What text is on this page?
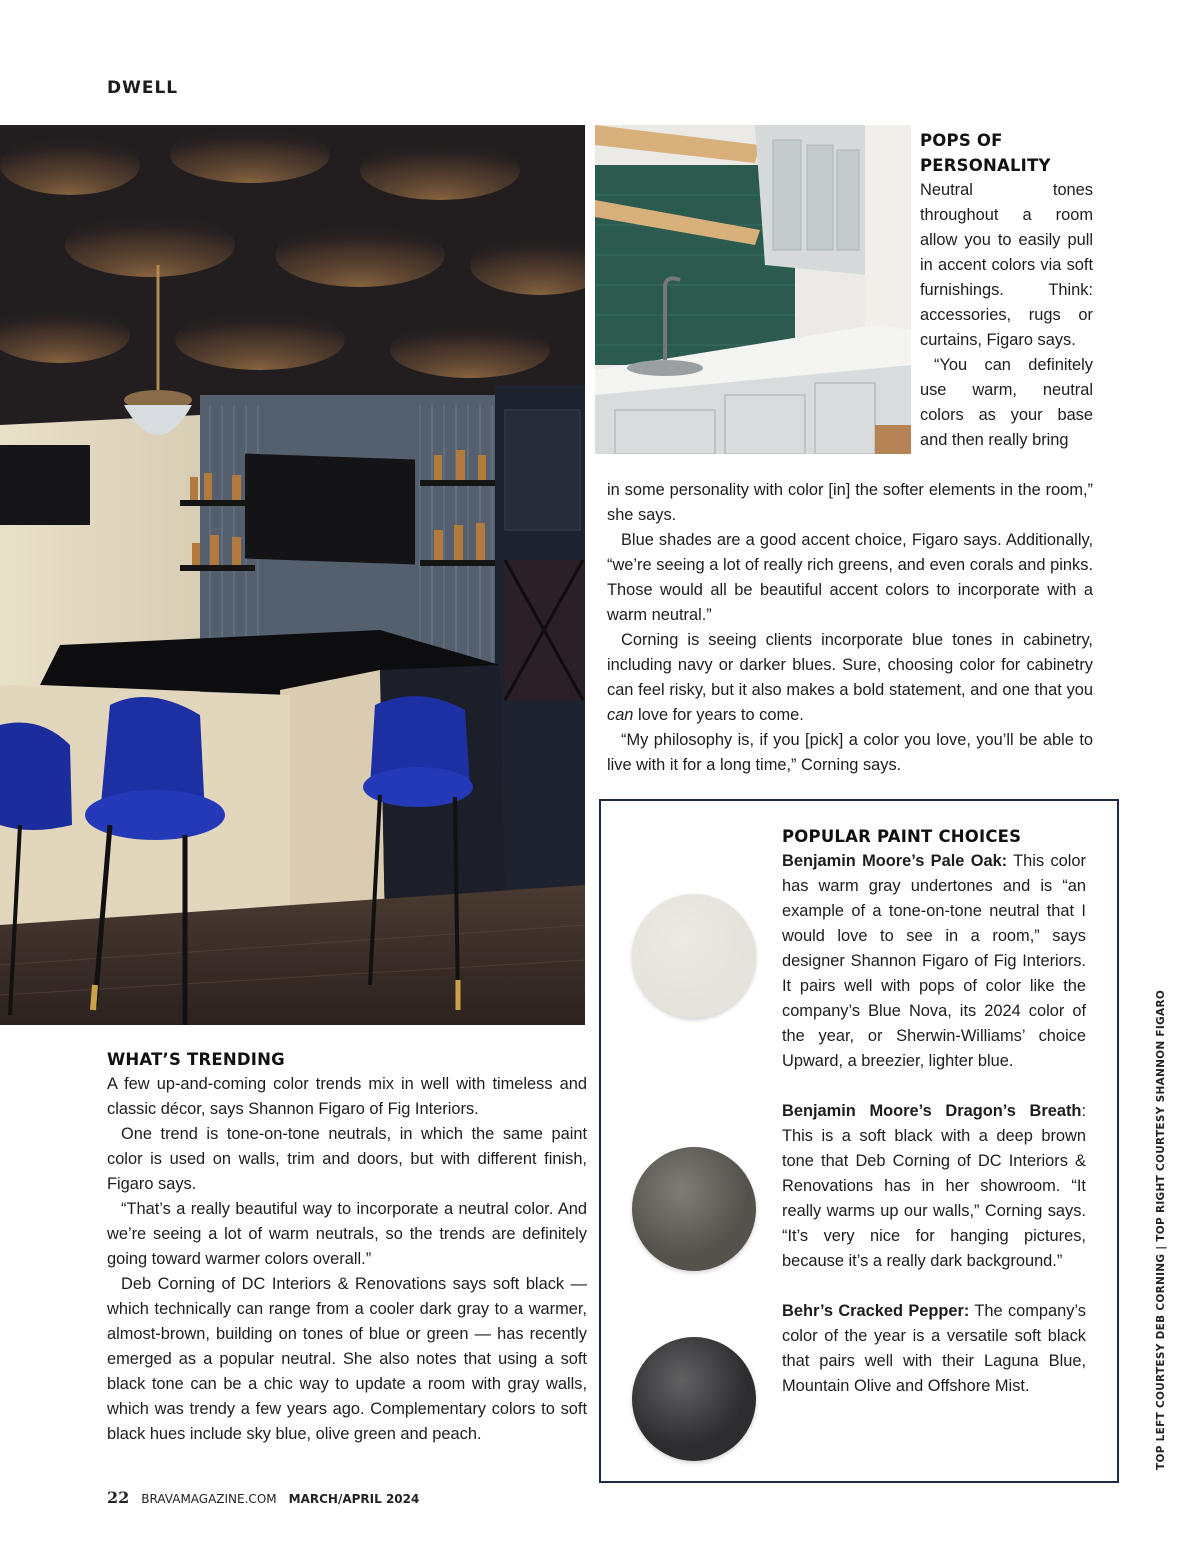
DWELL
POPS OF
PERSONALITY

Neutral tones throughout a room allow you to easily pull in accent colors via soft furnishings. Think: accessories, rugs or curtains, Figaro says.

“You can definitely use warm, neutral colors as your base and then really bring

in some personality with color [in] the softer elements in the room,” she says.

Blue shades are a good accent choice, Figaro says. Additionally, “we’re seeing a lot of really rich greens, and even corals and pinks. Those would all be beautiful accent colors to incorporate with a warm neutral.”

Corning is seeing clients incorporate blue tones in cabinetry, including navy or darker blues. Sure, choosing color for cabinetry can feel risky, but it also makes a bold statement, and one that you can love for years to come.

“My philosophy is, if you [pick] a color you love, you’ll be able to live with it for a long time,” Corning says.

WHAT’S TRENDING

A few up-and-coming color trends mix in well with timeless and classic décor, says Shannon Figaro of Fig Interiors.

One trend is tone-on-tone neutrals, in which the same paint color is used on walls, trim and doors, but with different finish, Figaro says.

“That’s a really beautiful way to incorporate a neutral color. And we’re seeing a lot of warm neutrals, so the trends are definitely going toward warmer colors overall.”

Deb Corning of DC Interiors & Renovations says soft black — which technically can range from a cooler dark gray to a warmer, almost-brown, building on tones of blue or green — has recently emerged as a popular neutral. She also notes that using a soft black tone can be a chic way to update a room with gray walls, which was trendy a few years ago. Complementary colors to soft black hues include sky blue, olive green and peach.

POPULAR PAINT CHOICES

Benjamin Moore’s Pale Oak: This color has warm gray undertones and is “an example of a tone-on-tone neutral that I would love to see in a room,” says designer Shannon Figaro of Fig Interiors. It pairs well with pops of color like the company’s Blue Nova, its 2024 color of the year, or Sherwin-Williams’ choice Upward, a breezier, lighter blue.

Benjamin Moore’s Dragon’s Breath: This is a soft black with a deep brown tone that Deb Corning of DC Interiors & Renovations has in her showroom. “It really warms up our walls,” Corning says. “It’s very nice for hanging pictures, because it’s a really dark background.”

Behr’s Cracked Pepper: The company’s color of the year is a versatile soft black that pairs well with their Laguna Blue, Mountain Olive and Offshore Mist.	TOP LEFT COURTESY DEB CORNING | TOP RIGHT COURTESY SHANNON FIGARO
22 BRAVAMAGAZINE.COM MARCH/APRIL 2024
